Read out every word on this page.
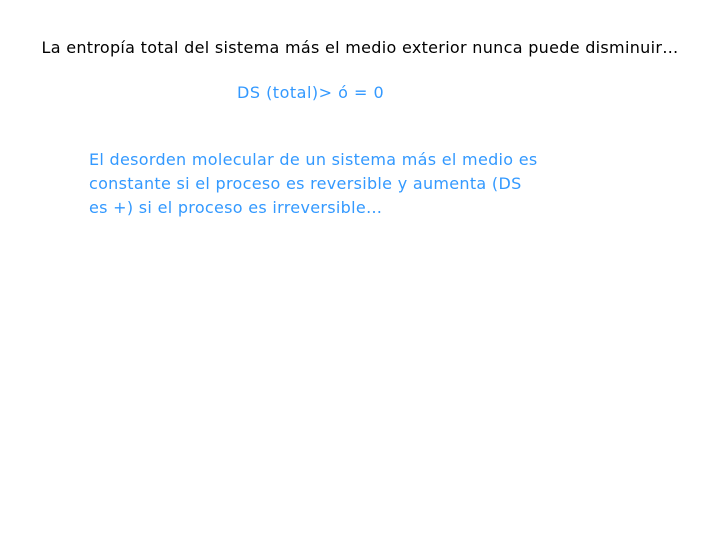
La entropía total del sistema más el medio exterior nunca puede disminuir…
DS (total)> ó = 0
El desorden molecular de un sistema más el medio es
constante si el proceso es reversible y aumenta (DS
es +) si el proceso es irreversible…
